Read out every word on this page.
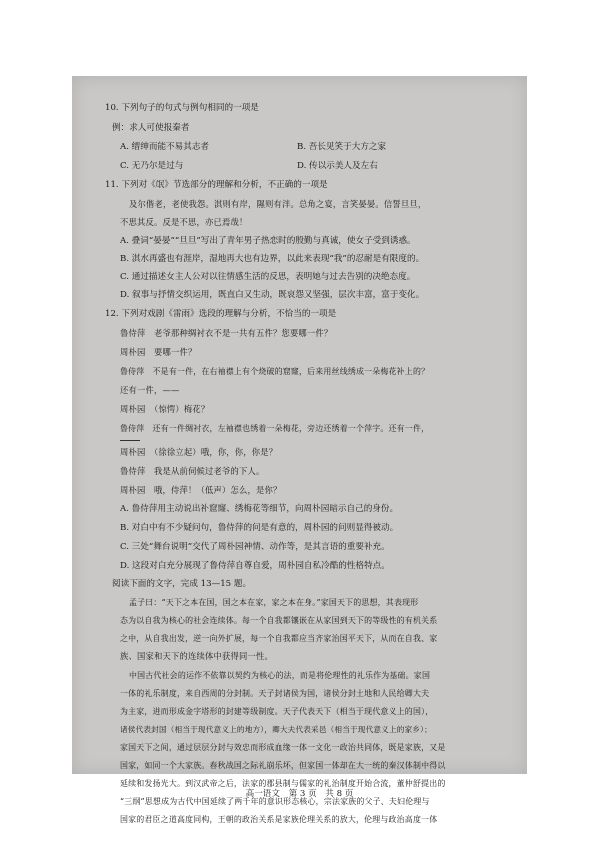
10. 下列句子的句式与例句相同的一项是
例：求人可使报秦者
A. 缙绅而能不易其志者	B. 吾长见笑于大方之家
C. 无乃尔是过与	D. 传以示美人及左右
11. 下列对《氓》节选部分的理解和分析，不正确的一项是
及尔偕老，老使我怨。淇则有岸，隰则有泮。总角之宴，言笑晏晏。信誓旦旦，
不思其反。反是不思，亦已焉哉！
A. 叠词“晏晏”“旦旦”写出了青年男子热恋时的殷勤与真诚，使女子受到诱惑。
B. 淇水再盛也有涯岸，湿地再大也有边界，以此来表现“我”的忍耐是有限度的。
C. 通过描述女主人公对以往情感生活的反思，表明她与过去告别的决绝态度。
D. 叙事与抒情交织运用，既直白又生动，既哀怨又坚强，层次丰富，富于变化。
12. 下列对戏剧《雷雨》选段的理解与分析，不恰当的一项是
鲁侍萍　老爷那种绸衬衣不是一共有五件？您要哪一件？
周朴园　要哪一件？
鲁侍萍　不是有一件，在右袖襟上有个烧破的窟窿，后来用丝线绣成一朵梅花补上的？
还有一件，——
周朴园　（惊愕）梅花？
鲁侍萍　还有一件绸衬衣，左袖襟也绣着一朵梅花，旁边还绣着一个萍字。还有一件，
周朴园　（徐徐立起）哦，你，你，你是？
鲁侍萍　我是从前伺候过老爷的下人。
周朴园　哦，侍萍！（低声）怎么，是你？
A. 鲁侍萍用主动说出补窟窿、绣梅花等细节，向周朴园暗示自己的身份。
B. 对白中有不少疑问句，鲁侍萍的问是有意的，周朴园的问则显得被动。
C. 三处“舞台说明”交代了周朴园神情、动作等，是其言语的重要补充。
D. 这段对白充分展现了鲁侍萍自尊自爱，周朴园自私冷酷的性格特点。
阅读下面的文字，完成 13—15 题。
孟子曰：“天下之本在国，国之本在家，家之本在身。”家国天下的思想，其表现形
态为以自我为核心的社会连续体。每一个自我都镶嵌在从家国到天下的等级性的有机关系
之中，从自我出发，逆一向外扩展，每一个自我都应当齐家治国平天下，从而在自我、家
族、国家和天下的连续体中获得同一性。
中国古代社会的运作不依靠以契约为核心的法，而是将伦理性的礼乐作为基础。家国
一体的礼乐制度，来自西周的分封制。天子封诸侯为国，诸侯分封土地和人民给卿大夫
为主家，进而形成金字塔形的封建等级制度。天子代表天下（相当于现代意义上的国），
诸侯代表封国（相当于现代意义上的地方），卿大夫代表采邑（相当于现代意义上的家乡）；
家国天下之间，通过层层分封与效忠而形成血缘一体一文化一政治共同体，既是家族，又是
国家，如同一个大家族。春秋战国之际礼崩乐坏，但家国一体却在大一统的秦汉体制中得以
延续和发扬光大。到汉武帝之后，法家的郡县制与儒家的礼治制度开始合流，董仲舒提出的
“三纲”思想成为古代中国延续了两千年的意识形态核心，宗法家族的父子、夫妇伦理与
国家的君臣之道高度同构，王朝的政治关系是家族伦理关系的放大，伦理与政治高度一体
高一语文　第 3 页　共 8 页
